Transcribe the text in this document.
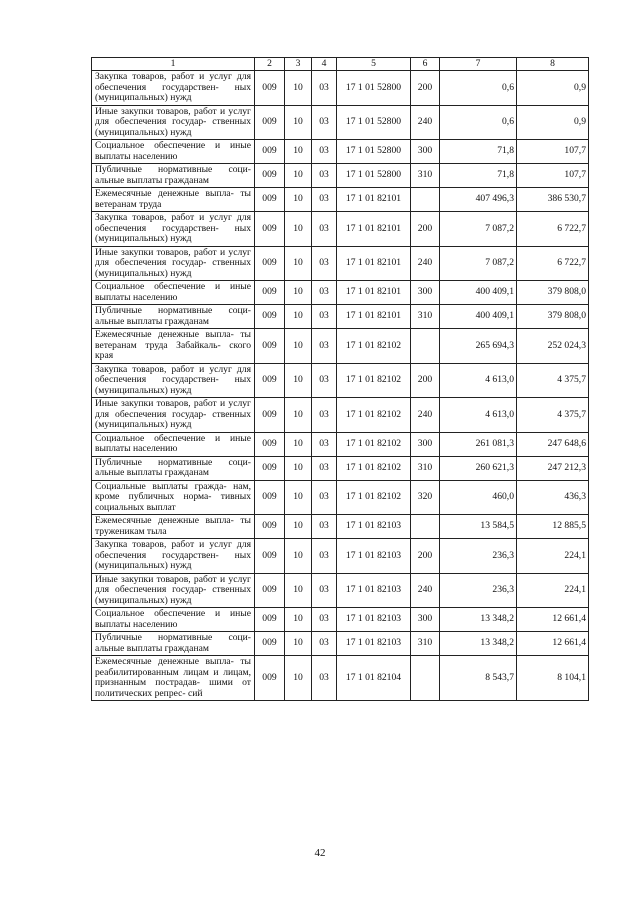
1	2	3	4	5	6	7	8
Закупка товаров, работ и услуг для обеспечения государствен- ных (муниципальных) нужд	009	10	03	17 1 01 52800	200	0,6	0,9
Иные закупки товаров, работ и услуг для обеспечения государ- ственных (муниципальных) нужд	009	10	03	17 1 01 52800	240	0,6	0,9
Социальное обеспечение и иные выплаты населению	009	10	03	17 1 01 52800	300	71,8	107,7
Публичные нормативные соци- альные выплаты гражданам	009	10	03	17 1 01 52800	310	71,8	107,7
Ежемесячные денежные выпла- ты ветеранам труда	009	10	03	17 1 01 82101		407 496,3	386 530,7
Закупка товаров, работ и услуг для обеспечения государствен- ных (муниципальных) нужд	009	10	03	17 1 01 82101	200	7 087,2	6 722,7
Иные закупки товаров, работ и услуг для обеспечения государ- ственных (муниципальных) нужд	009	10	03	17 1 01 82101	240	7 087,2	6 722,7
Социальное обеспечение и иные выплаты населению	009	10	03	17 1 01 82101	300	400 409,1	379 808,0
Публичные нормативные соци- альные выплаты гражданам	009	10	03	17 1 01 82101	310	400 409,1	379 808,0
Ежемесячные денежные выпла- ты ветеранам труда Забайкаль- ского края	009	10	03	17 1 01 82102		265 694,3	252 024,3
Закупка товаров, работ и услуг для обеспечения государствен- ных (муниципальных) нужд	009	10	03	17 1 01 82102	200	4 613,0	4 375,7
Иные закупки товаров, работ и услуг для обеспечения государ- ственных (муниципальных) нужд	009	10	03	17 1 01 82102	240	4 613,0	4 375,7
Социальное обеспечение и иные выплаты населению	009	10	03	17 1 01 82102	300	261 081,3	247 648,6
Публичные нормативные соци- альные выплаты гражданам	009	10	03	17 1 01 82102	310	260 621,3	247 212,3
Социальные выплаты гражда- нам, кроме публичных норма- тивных социальных выплат	009	10	03	17 1 01 82102	320	460,0	436,3
Ежемесячные денежные выпла- ты труженикам тыла	009	10	03	17 1 01 82103		13 584,5	12 885,5
Закупка товаров, работ и услуг для обеспечения государствен- ных (муниципальных) нужд	009	10	03	17 1 01 82103	200	236,3	224,1
Иные закупки товаров, работ и услуг для обеспечения государ- ственных (муниципальных) нужд	009	10	03	17 1 01 82103	240	236,3	224,1
Социальное обеспечение и иные выплаты населению	009	10	03	17 1 01 82103	300	13 348,2	12 661,4
Публичные нормативные соци- альные выплаты гражданам	009	10	03	17 1 01 82103	310	13 348,2	12 661,4
Ежемесячные денежные выпла- ты реабилитированным лицам и лицам, признанным пострадав- шими от политических репрес- сий	009	10	03	17 1 01 82104		8 543,7	8 104,1
42
